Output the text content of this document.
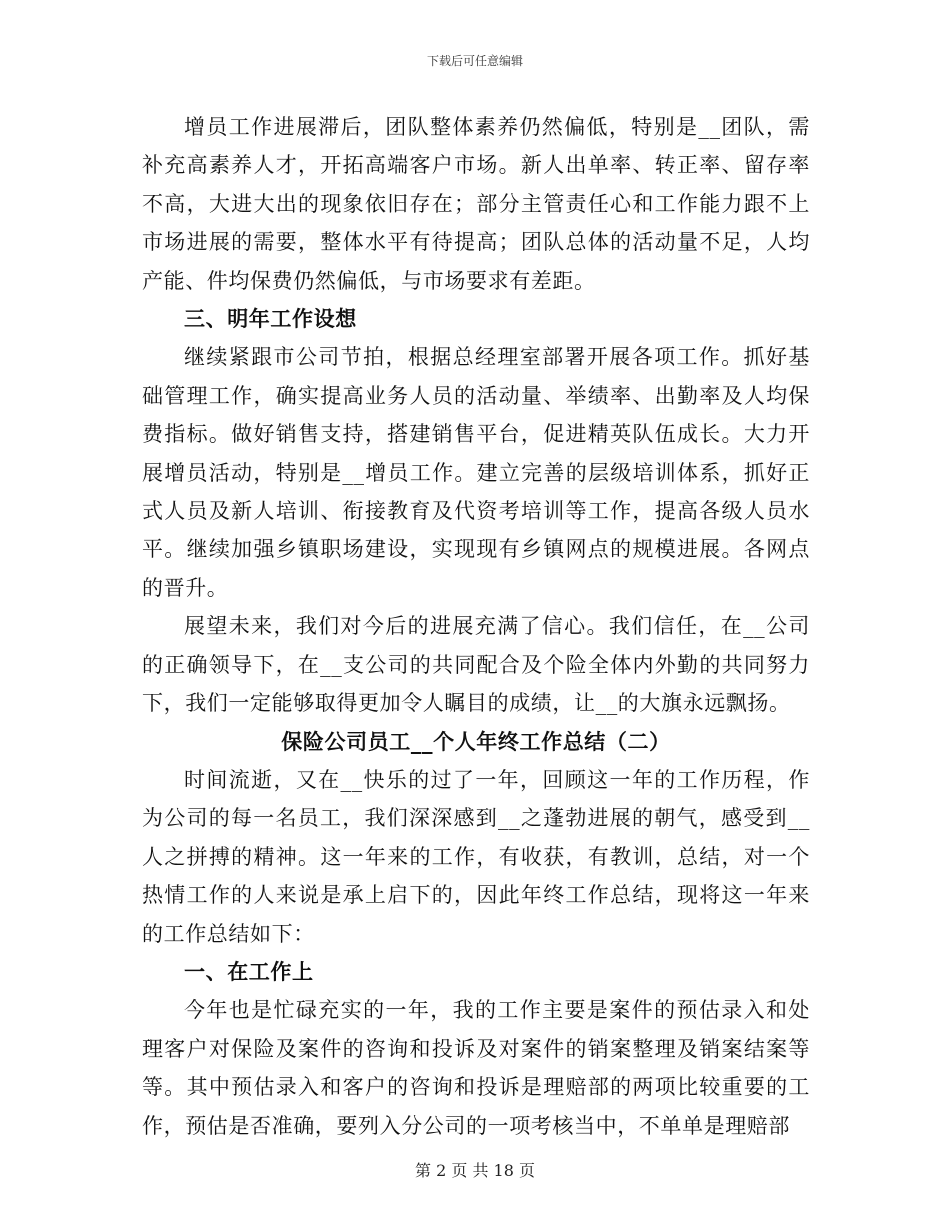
下载后可任意编辑

增员工作进展滞后，团队整体素养仍然偏低，特别是__团队，需补充高素养人才，开拓高端客户市场。新人出单率、转正率、留存率不高，大进大出的现象依旧存在；部分主管责任心和工作能力跟不上市场进展的需要，整体水平有待提高；团队总体的活动量不足，人均产能、件均保费仍然偏低，与市场要求有差距。

三、明年工作设想

继续紧跟市公司节拍，根据总经理室部署开展各项工作。抓好基础管理工作，确实提高业务人员的活动量、举绩率、出勤率及人均保费指标。做好销售支持，搭建销售平台，促进精英队伍成长。大力开展增员活动，特别是__增员工作。建立完善的层级培训体系，抓好正式人员及新人培训、衔接教育及代资考培训等工作，提高各级人员水平。继续加强乡镇职场建设，实现现有乡镇网点的规模进展。各网点的晋升。

展望未来，我们对今后的进展充满了信心。我们信任，在__公司的正确领导下，在__支公司的共同配合及个险全体内外勤的共同努力下，我们一定能够取得更加令人瞩目的成绩，让__的大旗永远飘扬。

保险公司员工__个人年终工作总结（二）

时间流逝，又在__快乐的过了一年，回顾这一年的工作历程，作为公司的每一名员工，我们深深感到__之蓬勃进展的朝气，感受到__人之拼搏的精神。这一年来的工作，有收获，有教训，总结，对一个热情工作的人来说是承上启下的，因此年终工作总结，现将这一年来的工作总结如下：

一、在工作上

今年也是忙碌充实的一年，我的工作主要是案件的预估录入和处理客户对保险及案件的咨询和投诉及对案件的销案整理及销案结案等等。其中预估录入和客户的咨询和投诉是理赔部的两项比较重要的工作，预估是否准确，要列入分公司的一项考核当中，不单单是理赔部

第 2 页 共 18 页
